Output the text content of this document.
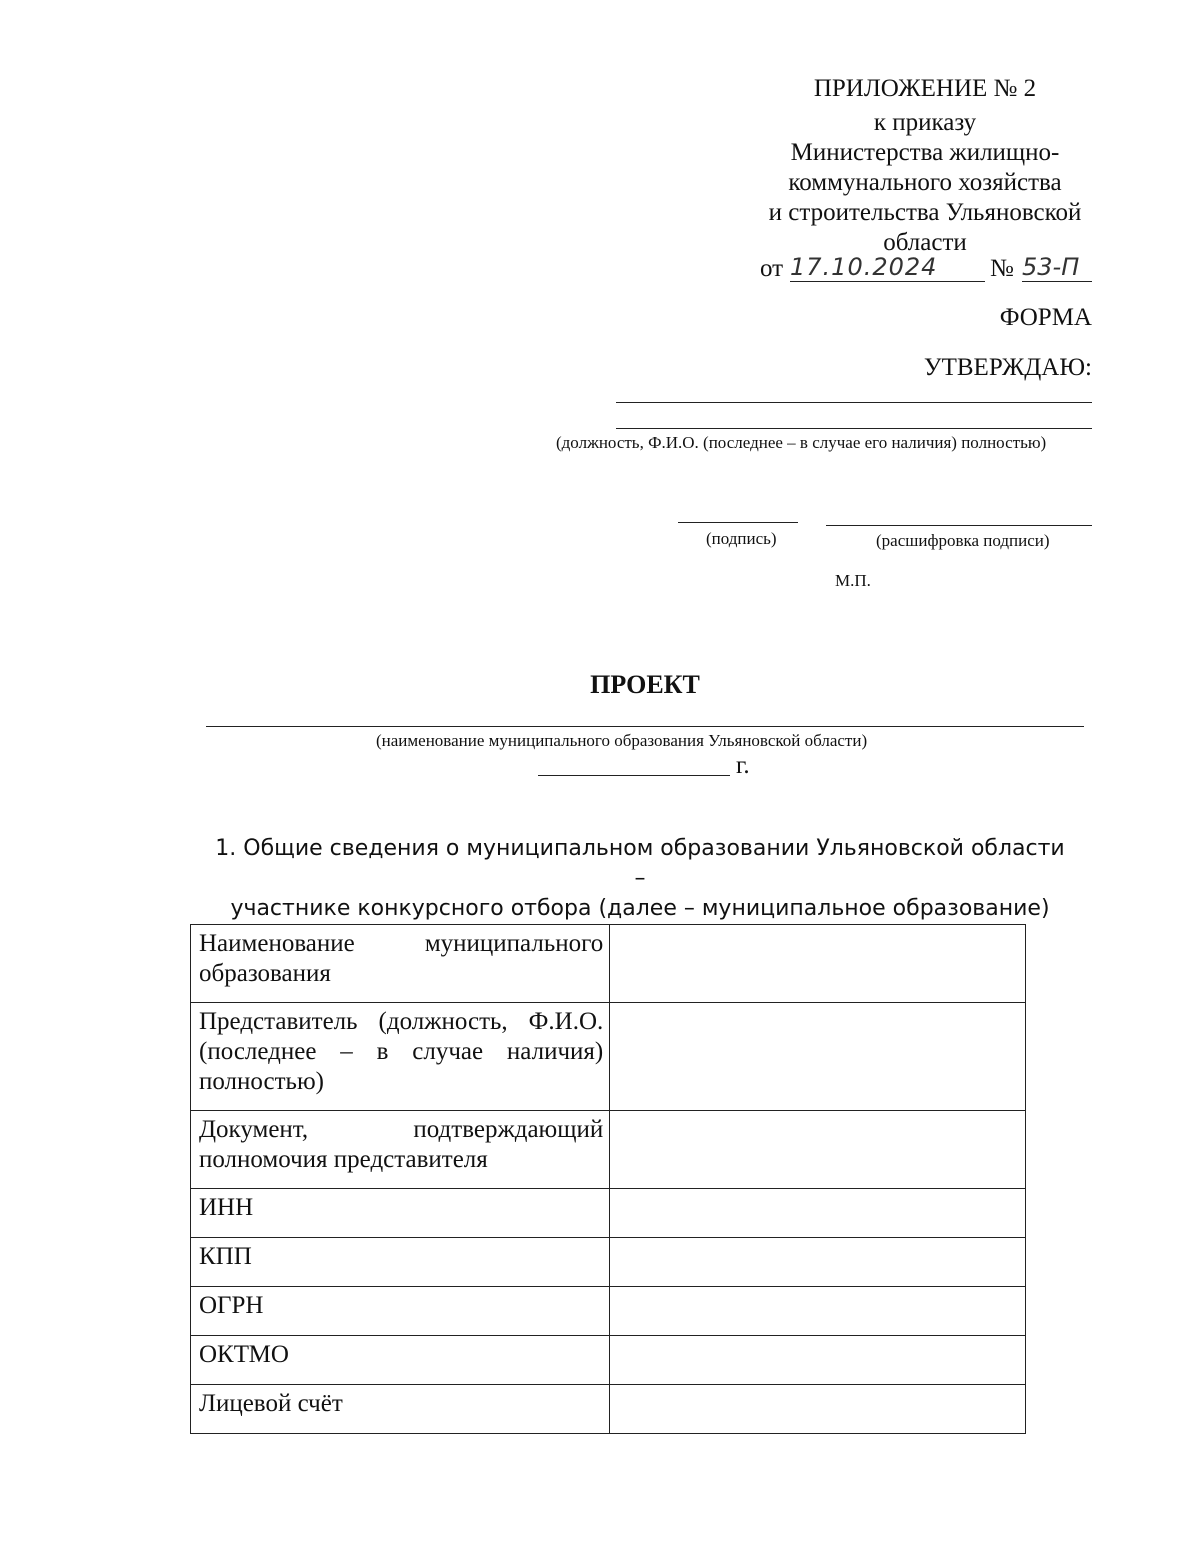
ПРИЛОЖЕНИЕ № 2
к приказу
Министерства жилищно-
коммунального хозяйства
и строительства Ульяновской
области
от 17.10.2024	№ 53-П
ФОРМА
УТВЕРЖДАЮ:
(должность, Ф.И.О. (последнее – в случае его наличия) полностью)
(подпись)	(расшифровка подписи)
М.П.
ПРОЕКТ
(наименование муниципального образования Ульяновской области)
г.
1. Общие сведения о муниципальном образовании Ульяновской области –
участнике конкурсного отбора (далее – муниципальное образование)
Наименование муниципального образования	
Представитель (должность, Ф.И.О. (последнее – в случае наличия) полностью)	
Документ, подтверждающий полномочия представителя	
ИНН	
КПП	
ОГРН	
ОКТМО	
Лицевой счёт	
